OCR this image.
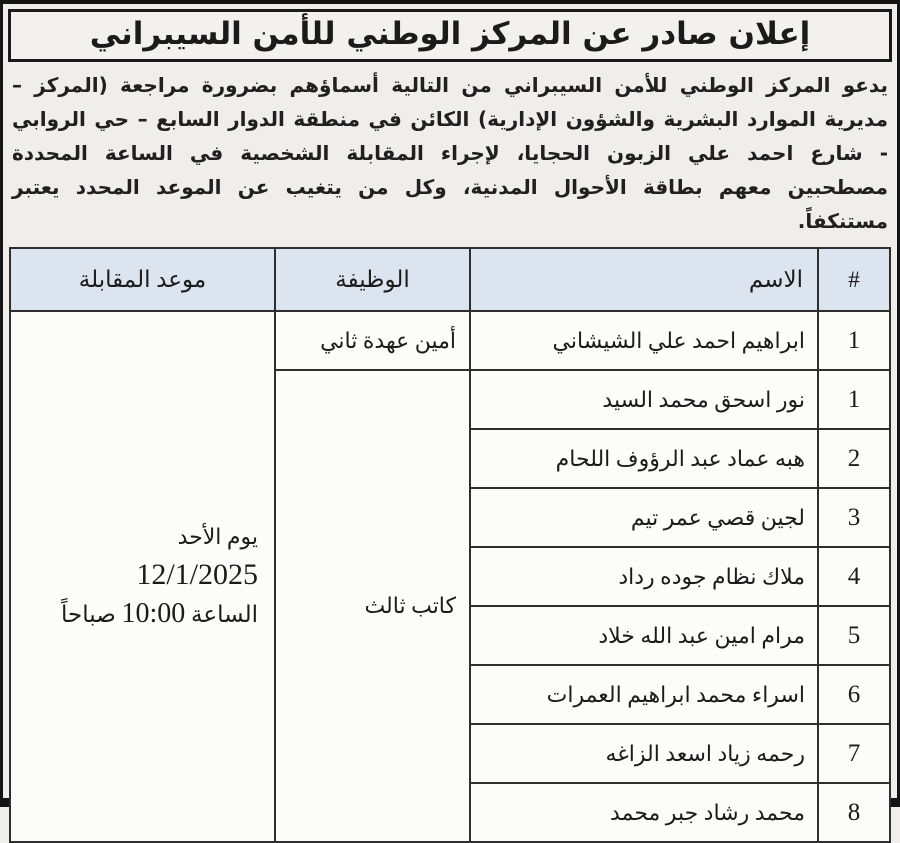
إعلان صادر عن المركز الوطني للأمن السيبراني
يدعو المركز الوطني للأمن السيبراني من التالية أسماؤهم بضرورة مراجعة (المركز – مديرية الموارد البشرية والشؤون الإدارية) الكائن في منطقة الدوار السابع – حي الروابي - شارع احمد علي الزبون الحجايا، لإجراء المقابلة الشخصية في الساعة المحددة مصطحبين معهم بطاقة الأحوال المدنية، وكل من يتغيب عن الموعد المحدد يعتبر مستنكفاً.
#	الاسم	الوظيفة	موعد المقابلة
1	ابراهيم احمد علي الشيشاني	أمين عهدة ثاني	يوم الأحد
12/1/2025
الساعة 10:00 صباحاً

1	نور اسحق محمد السيد	كاتب ثالث	
2	هبه عماد عبد الرؤوف اللحام		
3	لجين قصي عمر تيم		
4	ملاك نظام جوده رداد		
5	مرام امين عبد الله خلاد		
6	اسراء محمد ابراهيم العمرات		
7	رحمه زياد اسعد الزاغه		
8	محمد رشاد جبر محمد		
